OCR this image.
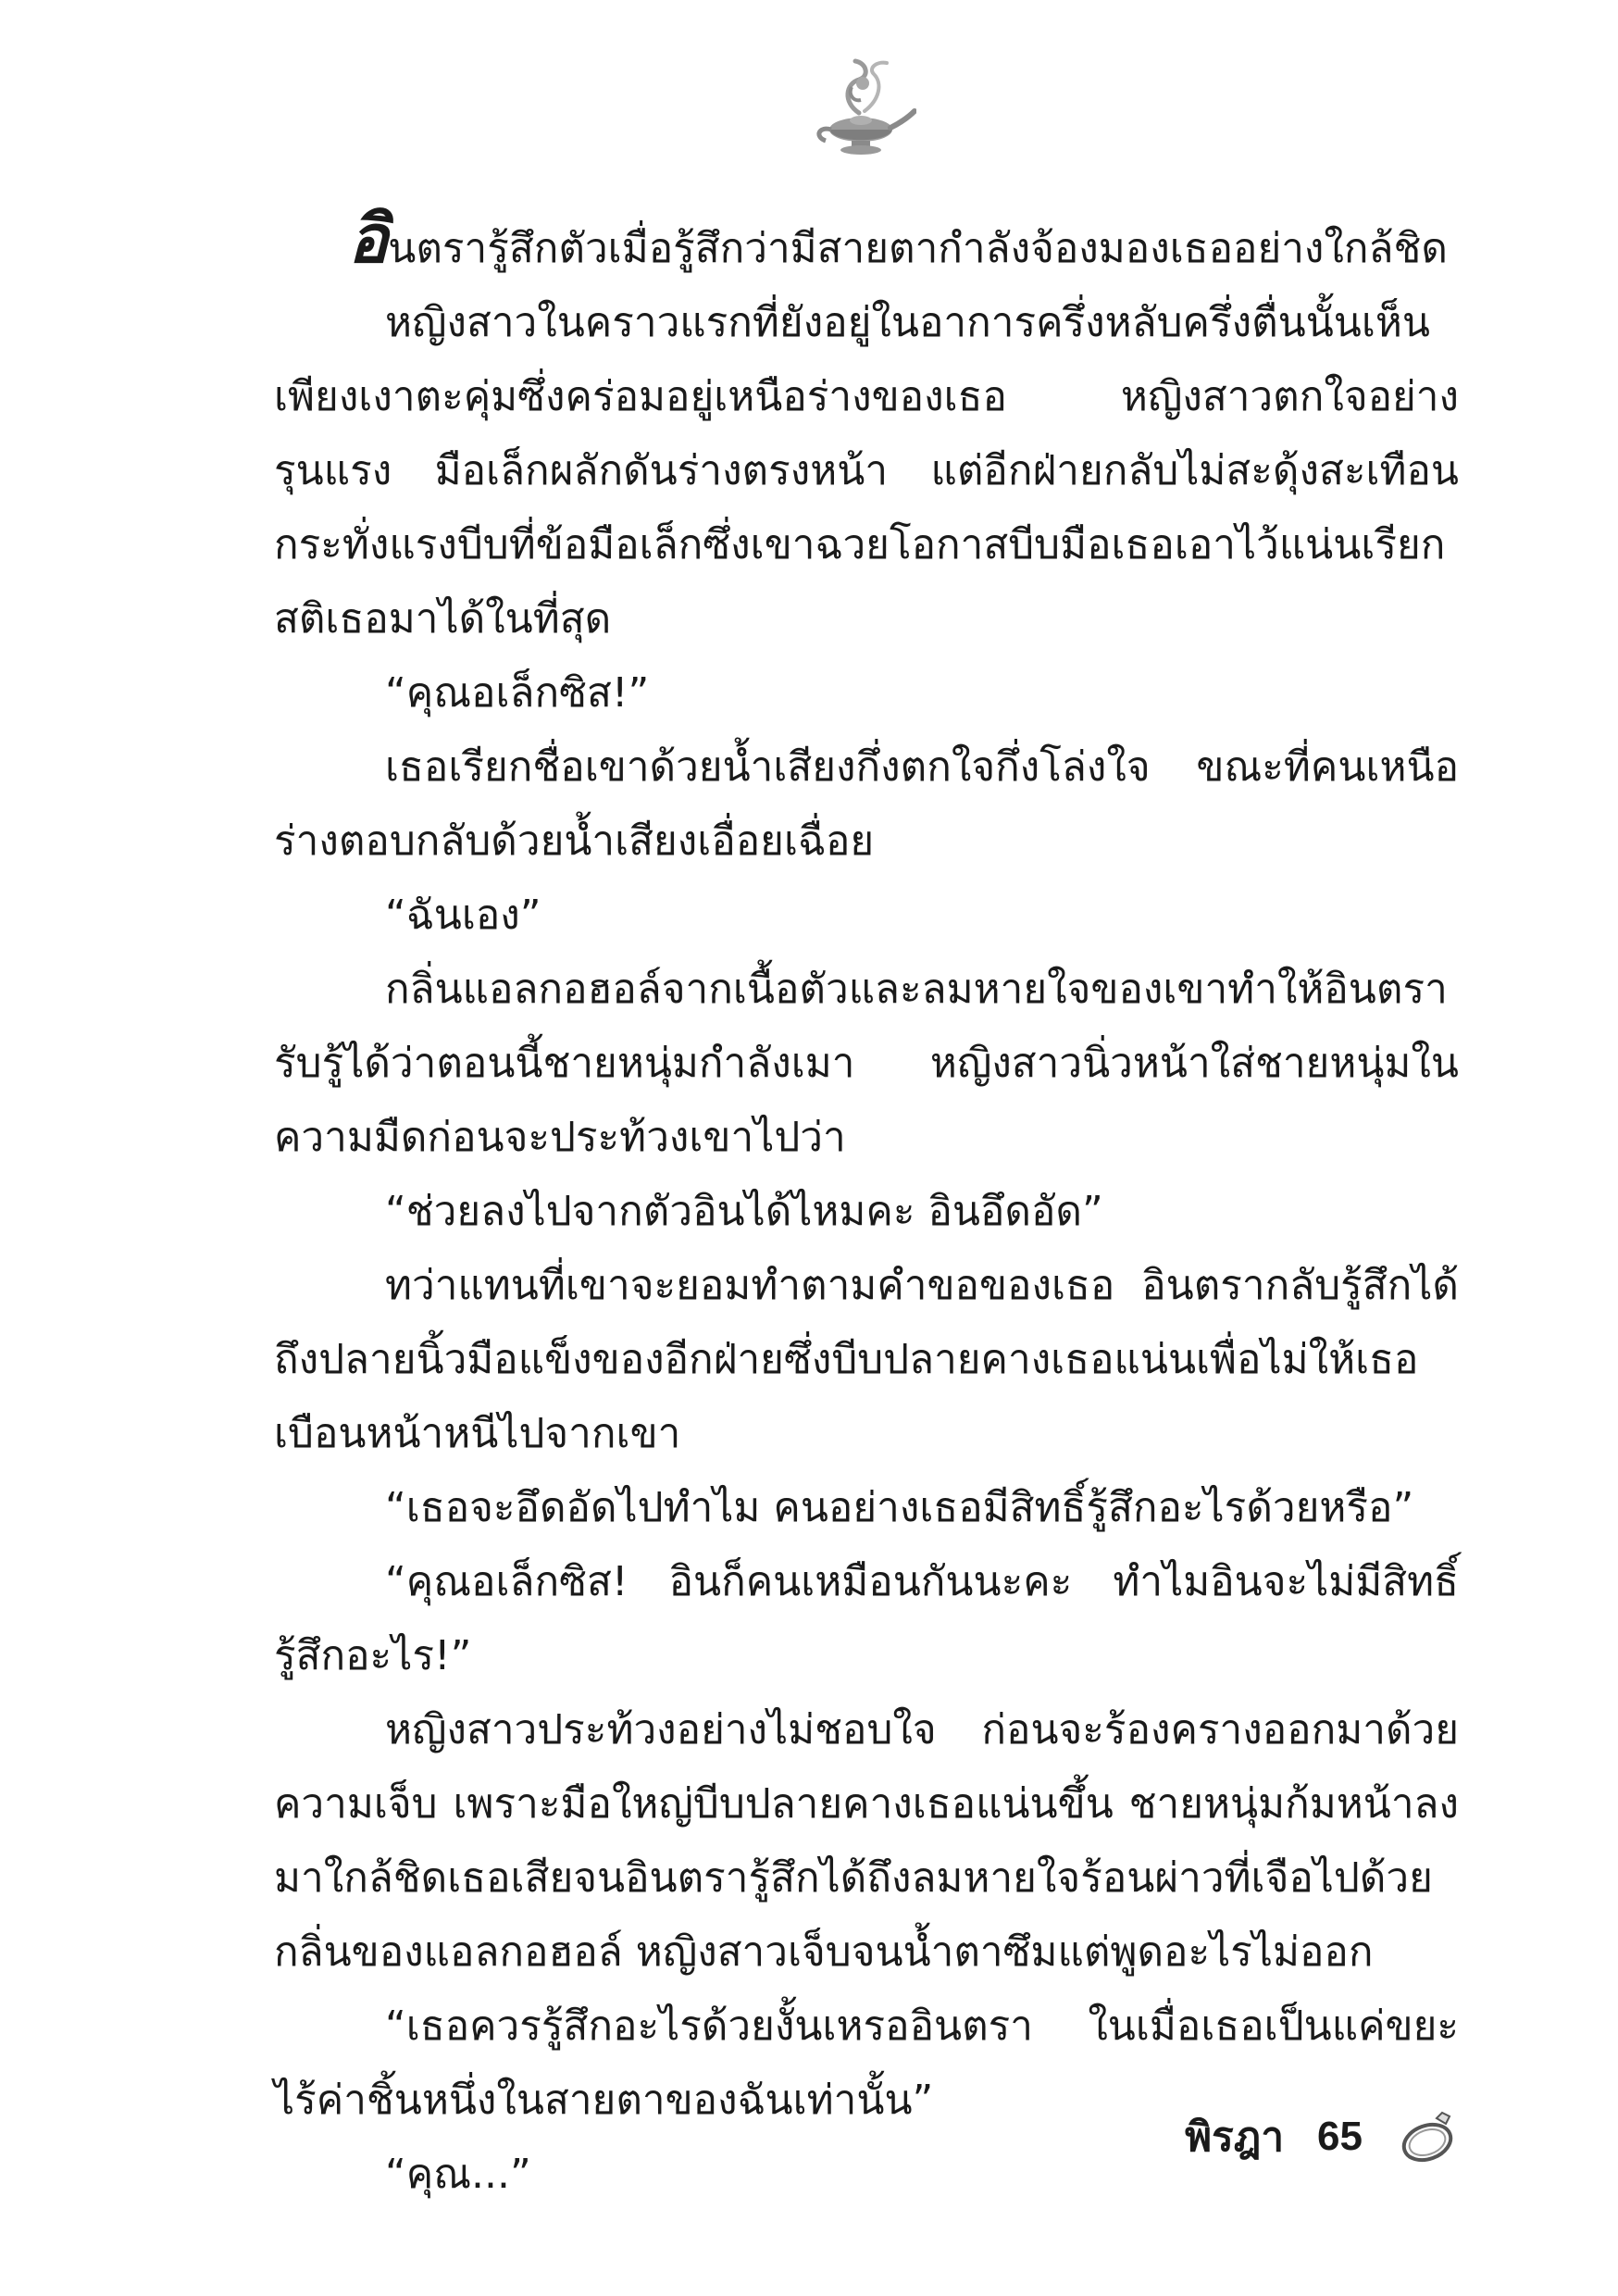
อินตรารู้สึกตัวเมื่อรู้สึกว่ามีสายตากำลังจ้องมองเธออย่างใกล้ชิด

หญิงสาวในคราวแรกที่ยังอยู่ในอาการครึ่งหลับครึ่งตื่นนั้นเห็นเพียงเงาตะคุ่มซึ่งคร่อมอยู่เหนือร่างของเธอ หญิงสาวตกใจอย่างรุนแรง มือเล็กผลักดันร่างตรงหน้า แต่อีกฝ่ายกลับไม่สะดุ้งสะเทือน กระทั่งแรงบีบที่ข้อมือเล็กซึ่งเขาฉวยโอกาสบีบมือเธอเอาไว้แน่นเรียกสติเธอมาได้ในที่สุด

“คุณอเล็กซิส!”

เธอเรียกชื่อเขาด้วยน้ำเสียงกึ่งตกใจกึ่งโล่งใจ ขณะที่คนเหนือร่างตอบกลับด้วยน้ำเสียงเอื่อยเฉื่อย

“ฉันเอง”

กลิ่นแอลกอฮอล์จากเนื้อตัวและลมหายใจของเขาทำให้อินตรารับรู้ได้ว่าตอนนี้ชายหนุ่มกำลังเมา หญิงสาวนิ่วหน้าใส่ชายหนุ่มในความมืดก่อนจะประท้วงเขาไปว่า

“ช่วยลงไปจากตัวอินได้ไหมคะ อินอึดอัด”

ทว่าแทนที่เขาจะยอมทำตามคำขอของเธอ อินตรากลับรู้สึกได้ถึงปลายนิ้วมือแข็งของอีกฝ่ายซึ่งบีบปลายคางเธอแน่นเพื่อไม่ให้เธอเบือนหน้าหนีไปจากเขา

“เธอจะอึดอัดไปทำไม คนอย่างเธอมีสิทธิ์รู้สึกอะไรด้วยหรือ”

“คุณอเล็กซิส! อินก็คนเหมือนกันนะคะ ทำไมอินจะไม่มีสิทธิ์รู้สึกอะไร!”

หญิงสาวประท้วงอย่างไม่ชอบใจ ก่อนจะร้องครางออกมาด้วยความเจ็บ เพราะมือใหญ่บีบปลายคางเธอแน่นขึ้น ชายหนุ่มก้มหน้าลงมาใกล้ชิดเธอเสียจนอินตรารู้สึกได้ถึงลมหายใจร้อนผ่าวที่เจือไปด้วยกลิ่นของแอลกอฮอล์ หญิงสาวเจ็บจนน้ำตาซึมแต่พูดอะไรไม่ออก

“เธอควรรู้สึกอะไรด้วยงั้นเหรออินตรา ในเมื่อเธอเป็นแค่ขยะไร้ค่าชิ้นหนึ่งในสายตาของฉันเท่านั้น”

“คุณ...”

พิรฎา 65
